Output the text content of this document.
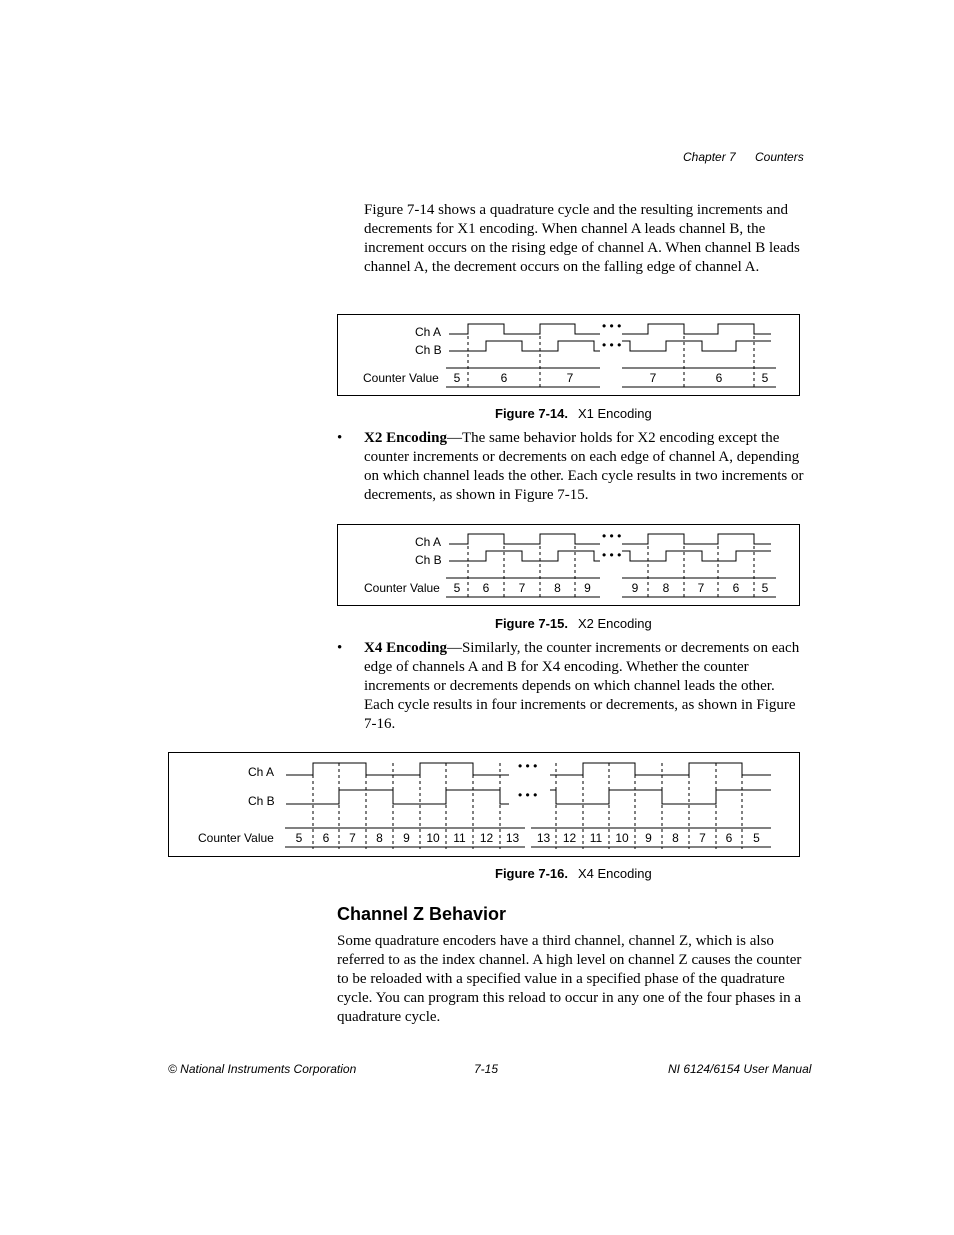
Chapter 7 Counters

Figure 7-14 shows a quadrature cycle and the resulting increments and decrements for X1 encoding. When channel A leads channel B, the increment occurs on the rising edge of channel A. When channel B leads channel A, the decrement occurs on the falling edge of channel A.

Ch A
Ch B
Counter Value
• • •
• • •
5	6	7	7	6	5
Figure 7-14. X1 Encoding
• X2 Encoding—The same behavior holds for X2 encoding except the counter increments or decrements on each edge of channel A, depending on which channel leads the other. Each cycle results in two increments or decrements, as shown in Figure 7-15.

Ch A
Ch B
Counter Value
• • •
• • •
5 6 7 8 9	9 8 7 6 5
Figure 7-15. X2 Encoding
• X4 Encoding—Similarly, the counter increments or decrements on each edge of channels A and B for X4 encoding. Whether the counter increments or decrements depends on which channel leads the other. Each cycle results in four increments or decrements, as shown in Figure 7-16.

Ch A
Ch B
Counter Value
• • •
• • •
5 6 7 8 9 10 11 12 13 13 12 11 10 9 8 7 6 5
Figure 7-16. X4 Encoding
Channel Z Behavior

Some quadrature encoders have a third channel, channel Z, which is also referred to as the index channel. A high level on channel Z causes the counter to be reloaded with a specified value in a specified phase of the quadrature cycle. You can program this reload to occur in any one of the four phases in a quadrature cycle.

© National Instruments Corporation	7-15	NI 6124/6154 User Manual
